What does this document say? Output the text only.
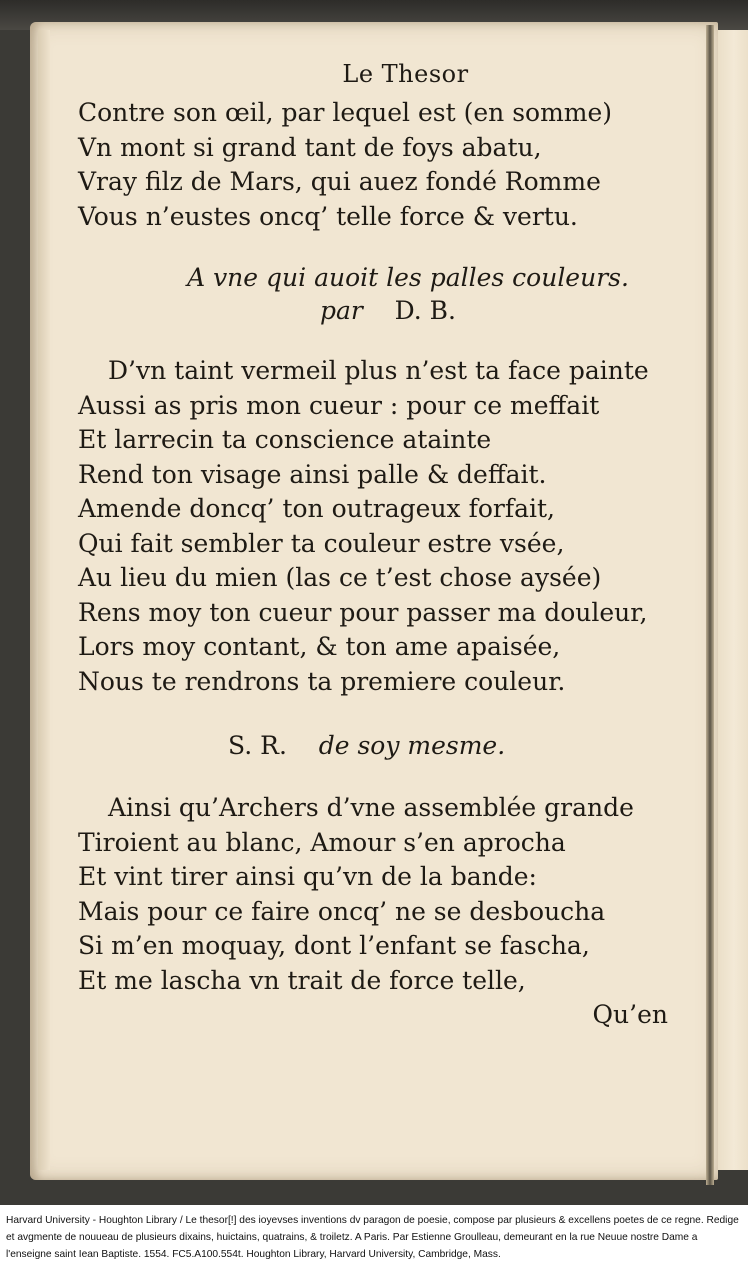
Le Thesor
Contre son œil, par lequel est (en somme)
Vn mont si grand tant de foys abatu,
Vray filz de Mars, qui auez fondé Romme
Vous n’eustes oncq’ telle force & vertu.
A vne qui auoit les palles couleurs.
par D. B.
D’vn taint vermeil plus n’est ta face painte
Aussi as pris mon cueur : pour ce meffait
Et larrecin ta conscience atainte
Rend ton visage ainsi palle & deffait.
Amende doncq’ ton outrageux forfait,
Qui fait sembler ta couleur estre vsée,
Au lieu du mien (las ce t’est chose aysée)
Rens moy ton cueur pour passer ma douleur,
Lors moy contant, & ton ame apaisée,
Nous te rendrons ta premiere couleur.
S. R. de soy mesme.
Ainsi qu’Archers d’vne assemblée grande
Tiroient au blanc, Amour s’en aprocha
Et vint tirer ainsi qu’vn de la bande:
Mais pour ce faire oncq’ ne se desboucha
Si m’en moquay, dont l’enfant se fascha,
Et me lascha vn trait de force telle,
Qu’en
Harvard University - Houghton Library / Le thesor[!] des ioyevses inventions dv paragon de poesie, compose par plusieurs & excellens poetes de ce regne. Redige et avgmente de nouueau de plusieurs dixains, huictains, quatrains, & troiletz. A Paris. Par Estienne Groulleau, demeurant en la rue Neuue nostre Dame a l'enseigne saint Iean Baptiste. 1554. FC5.A100.554t. Houghton Library, Harvard University, Cambridge, Mass.
